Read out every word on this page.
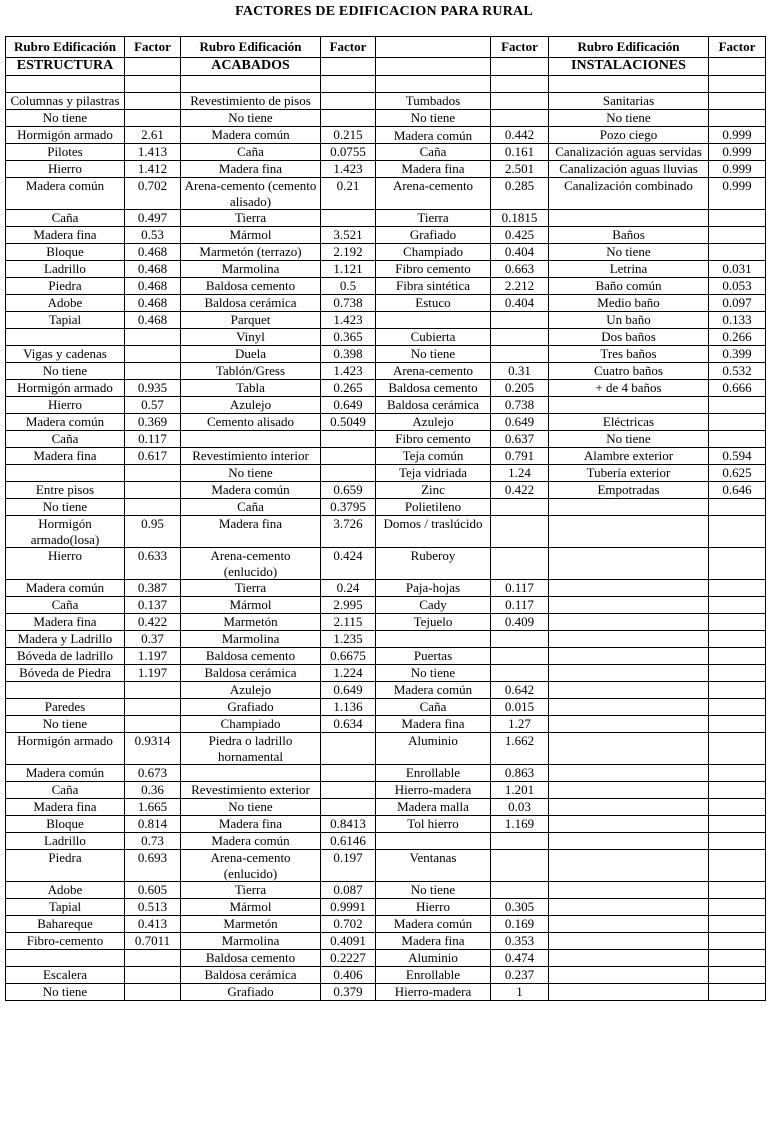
FACTORES DE EDIFICACION PARA RURAL
Rubro Edificación	Factor	Rubro Edificación	Factor		Factor	Rubro Edificación	Factor
ESTRUCTURA		ACABADOS				INSTALACIONES	

Columnas y pilastras		Revestimiento de pisos		Tumbados		Sanitarias	
No tiene		No tiene		No tiene		No tiene	
Hormigón armado	2.61	Madera común	0.215	Madera común	0.442	Pozo ciego	0.999
Pilotes	1.413	Caña	0.0755	Caña	0.161	Canalización aguas servidas	0.999
Hierro	1.412	Madera fina	1.423	Madera fina	2.501	Canalización aguas lluvias	0.999
Madera común	0.702	Arena-cemento (cemento alisado)	0.21	Arena-cemento	0.285	Canalización combinado	0.999
Caña	0.497	Tierra		Tierra	0.1815		
Madera fina	0.53	Mármol	3.521	Grafiado	0.425	Baños	
Bloque	0.468	Marmetón (terrazo)	2.192	Champiado	0.404	No tiene	
Ladrillo	0.468	Marmolina	1.121	Fibro cemento	0.663	Letrina	0.031
Piedra	0.468	Baldosa cemento	0.5	Fibra sintética	2.212	Baño común	0.053
Adobe	0.468	Baldosa cerámica	0.738	Estuco	0.404	Medio baño	0.097
Tapial	0.468	Parquet	1.423			Un baño	0.133
		Vinyl	0.365	Cubierta		Dos baños	0.266
Vigas y cadenas		Duela	0.398	No tiene		Tres baños	0.399
No tiene		Tablón/Gress	1.423	Arena-cemento	0.31	Cuatro baños	0.532
Hormigón armado	0.935	Tabla	0.265	Baldosa cemento	0.205	+ de 4 baños	0.666
Hierro	0.57	Azulejo	0.649	Baldosa cerámica	0.738		
Madera común	0.369	Cemento alisado	0.5049	Azulejo	0.649	Eléctricas	
Caña	0.117			Fibro cemento	0.637	No tiene	
Madera fina	0.617	Revestimiento interior		Teja común	0.791	Alambre exterior	0.594
		No tiene		Teja vidriada	1.24	Tubería exterior	0.625
Entre pisos		Madera común	0.659	Zinc	0.422	Empotradas	0.646
No tiene		Caña	0.3795	Polietileno			
Hormigón armado(losa)	0.95	Madera fina	3.726	Domos / traslúcido			
Hierro	0.633	Arena-cemento (enlucido)	0.424	Ruberoy			
Madera común	0.387	Tierra	0.24	Paja-hojas	0.117		
Caña	0.137	Mármol	2.995	Cady	0.117		
Madera fina	0.422	Marmetón	2.115	Tejuelo	0.409		
Madera y Ladrillo	0.37	Marmolina	1.235				
Bóveda de ladrillo	1.197	Baldosa cemento	0.6675	Puertas			
Bóveda de Piedra	1.197	Baldosa cerámica	1.224	No tiene			
		Azulejo	0.649	Madera común	0.642		
Paredes		Grafiado	1.136	Caña	0.015		
No tiene		Champiado	0.634	Madera fina	1.27		
Hormigón armado	0.9314	Piedra o ladrillo hornamental		Aluminio	1.662		
Madera común	0.673			Enrollable	0.863		
Caña	0.36	Revestimiento exterior		Hierro-madera	1.201		
Madera fina	1.665	No tiene		Madera malla	0.03		
Bloque	0.814	Madera fina	0.8413	Tol hierro	1.169		
Ladrillo	0.73	Madera común	0.6146				
Piedra	0.693	Arena-cemento (enlucido)	0.197	Ventanas			
Adobe	0.605	Tierra	0.087	No tiene			
Tapial	0.513	Mármol	0.9991	Hierro	0.305		
Bahareque	0.413	Marmetón	0.702	Madera común	0.169		
Fibro-cemento	0.7011	Marmolina	0.4091	Madera fina	0.353		
		Baldosa cemento	0.2227	Aluminio	0.474		
Escalera		Baldosa cerámica	0.406	Enrollable	0.237		
No tiene		Grafiado	0.379	Hierro-madera	1		
